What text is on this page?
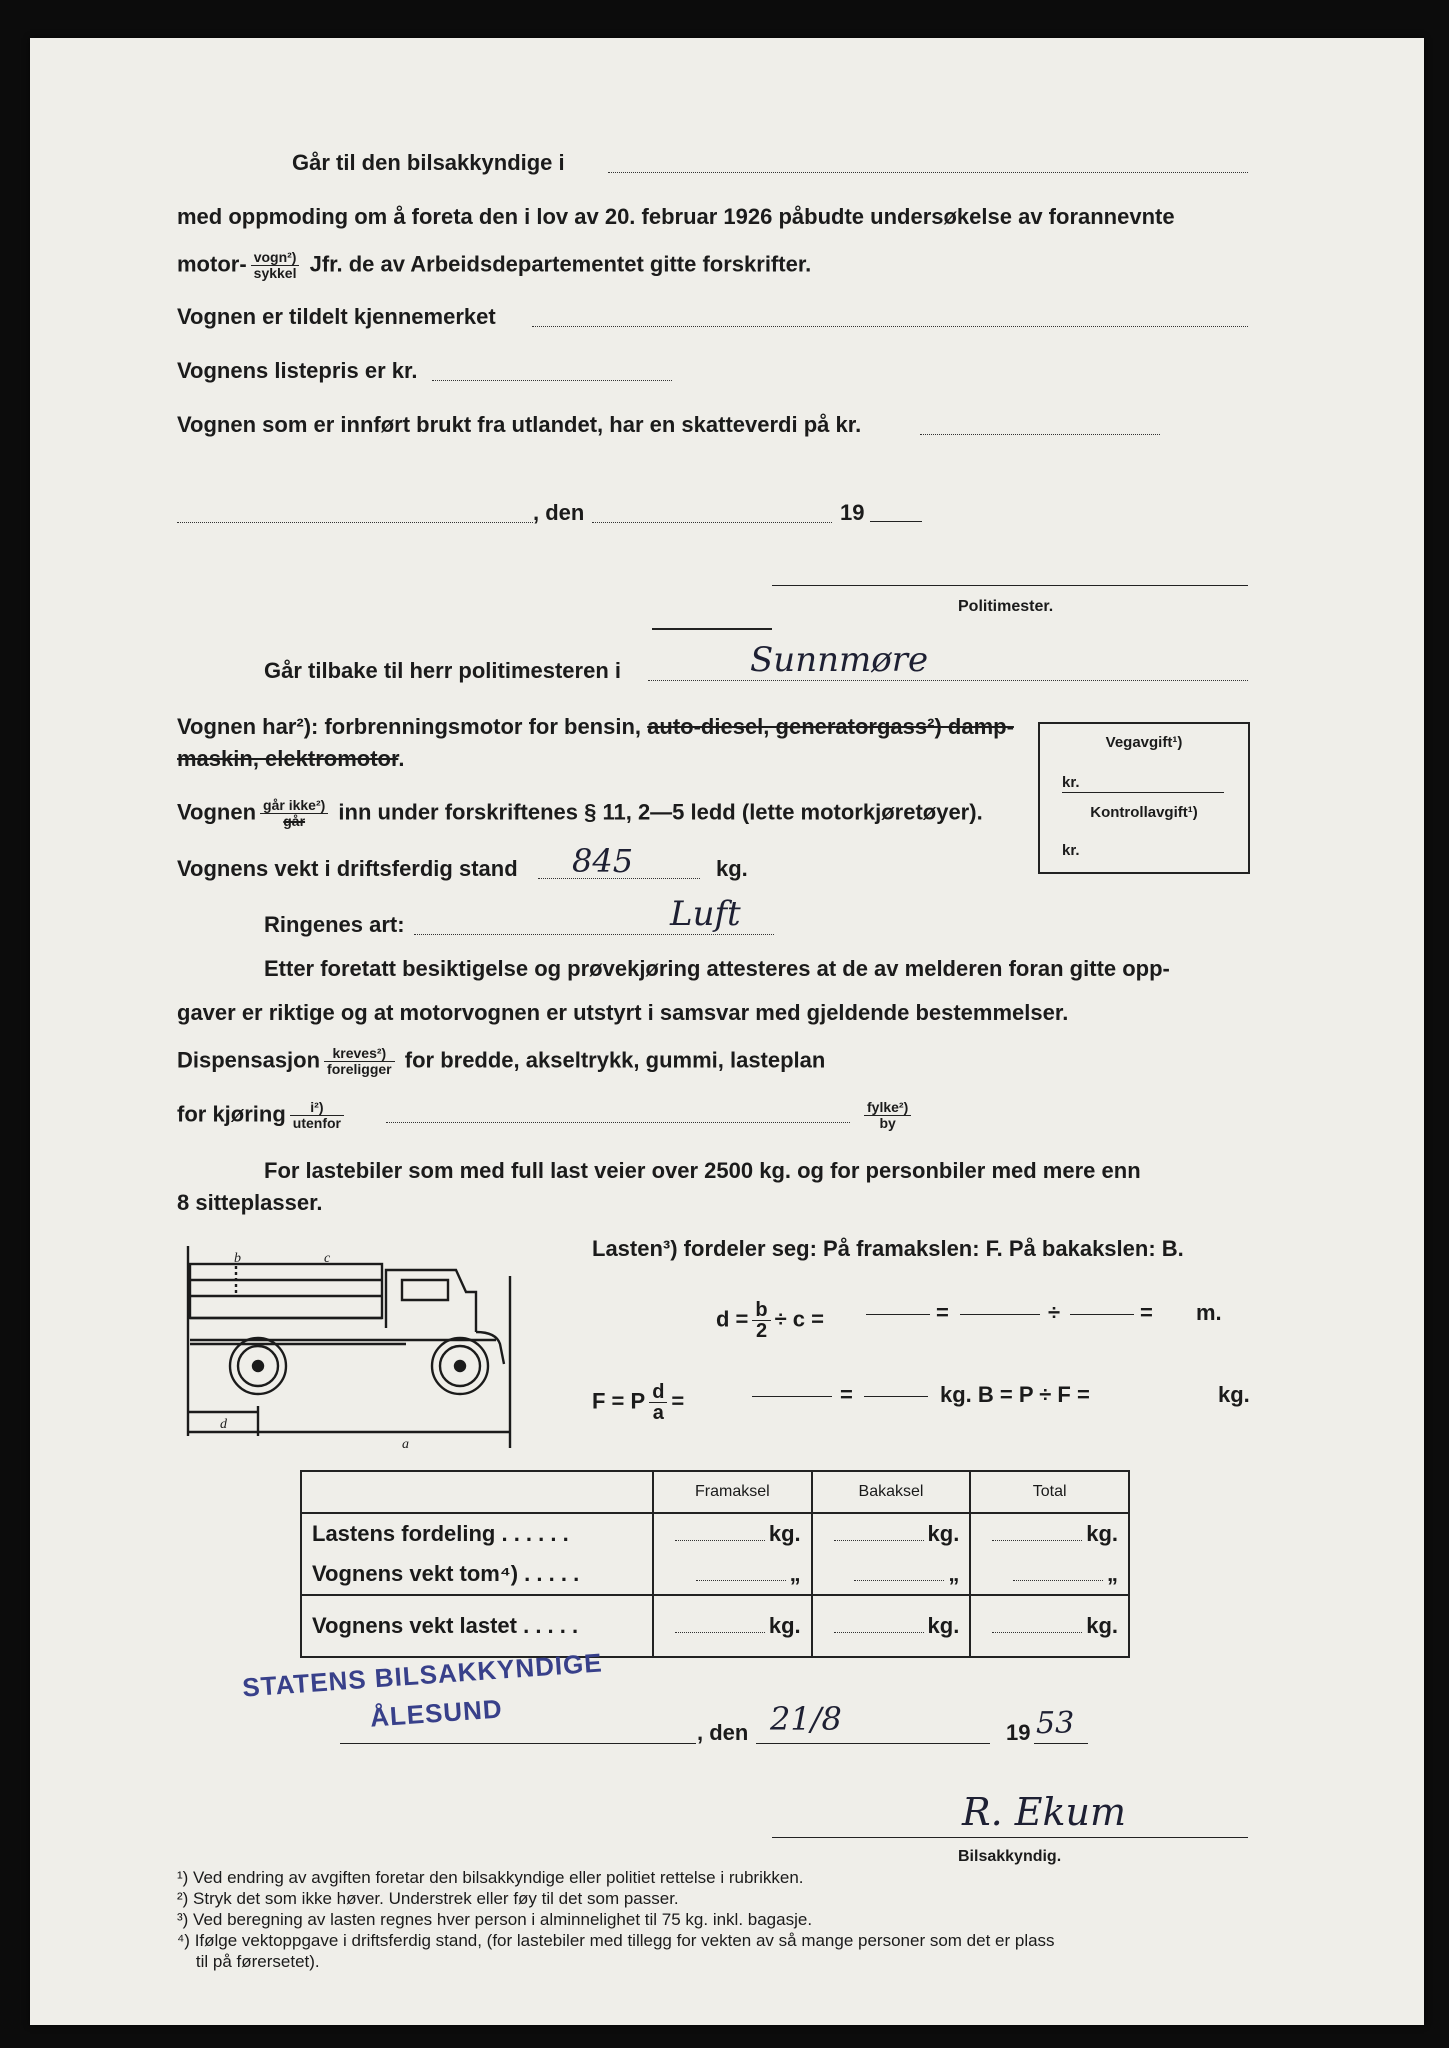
Går til den bilsakkyndige i
med oppmoding om å foreta den i lov av 20. februar 1926 påbudte undersøkelse av forannevnte
motor- $\frac{\text{vogn²)}}{\text{sykkel}}$ Jfr. de av Arbeidsdepartementet gitte forskrifter.
Vognen er tildelt kjennemerket
Vognens listepris er kr.
Vognen som er innført brukt fra utlandet, har en skatteverdi på kr.
, den	19
Politimester.
Går tilbake til herr politimesteren i	Sunnmøre
Vognen har²): forbrenningsmotor for bensin, auto-diesel, generatorgass²) damp-
maskin, elektromotor.
Vegavgift¹)
kr.
Kontrollavgift¹)
kr.
Vognen $\frac{\text{går ikke²)}}{\text{går}}$ inn under forskriftenes § 11, 2—5 ledd (lette motorkjøretøyer).
Vognens vekt i driftsferdig stand 845	kg.
Ringenes art:	Luft
Etter foretatt besiktigelse og prøvekjøring attesteres at de av melderen foran gitte opp-
gaver er riktige og at motorvognen er utstyrt i samsvar med gjeldende bestemmelser.
Dispensasjon $\frac{\text{kreves²)}}{\text{foreligger}}$ for bredde, akseltrykk, gummi, lasteplan
for kjøring $\frac{\text{i²)}}{\text{utenfor}}$	$\frac{\text{fylke²)}}{by}$
For lastebiler som med full last veier over 2500 kg. og for personbiler med mere enn
8 sitteplasser.
d
a
b	c	Lasten³) fordeler seg: På framakslen: F. På bakakslen: B.
$d = \frac{b}{2} \div c$ =	=	÷	= m.
F = P $\frac{d}{a}$ =	=	kg. B = P ÷ F =	kg.
	Framaksel	Bakaksel	Total
Lastens fordeling . . . . . .	kg.	kg.	kg.
Vognens vekt tom⁴) . . . . .	„	„	„
Vognens vekt lastet . . . . .	kg.	kg.	kg.
STATENS BILSAKKYNDIGE
ÅLESUND	, den 21/8	19 53
R. Ekum
Bilsakkyndig.
¹) Ved endring av avgiften foretar den bilsakkyndige eller politiet rettelse i rubrikken.
²) Stryk det som ikke høver. Understrek eller føy til det som passer.
³) Ved beregning av lasten regnes hver person i alminnelighet til 75 kg. inkl. bagasje.
⁴) Ifølge vektoppgave i driftsferdig stand, (for lastebiler med tillegg for vekten av så mange personer som det er plass
til på førersetet).
